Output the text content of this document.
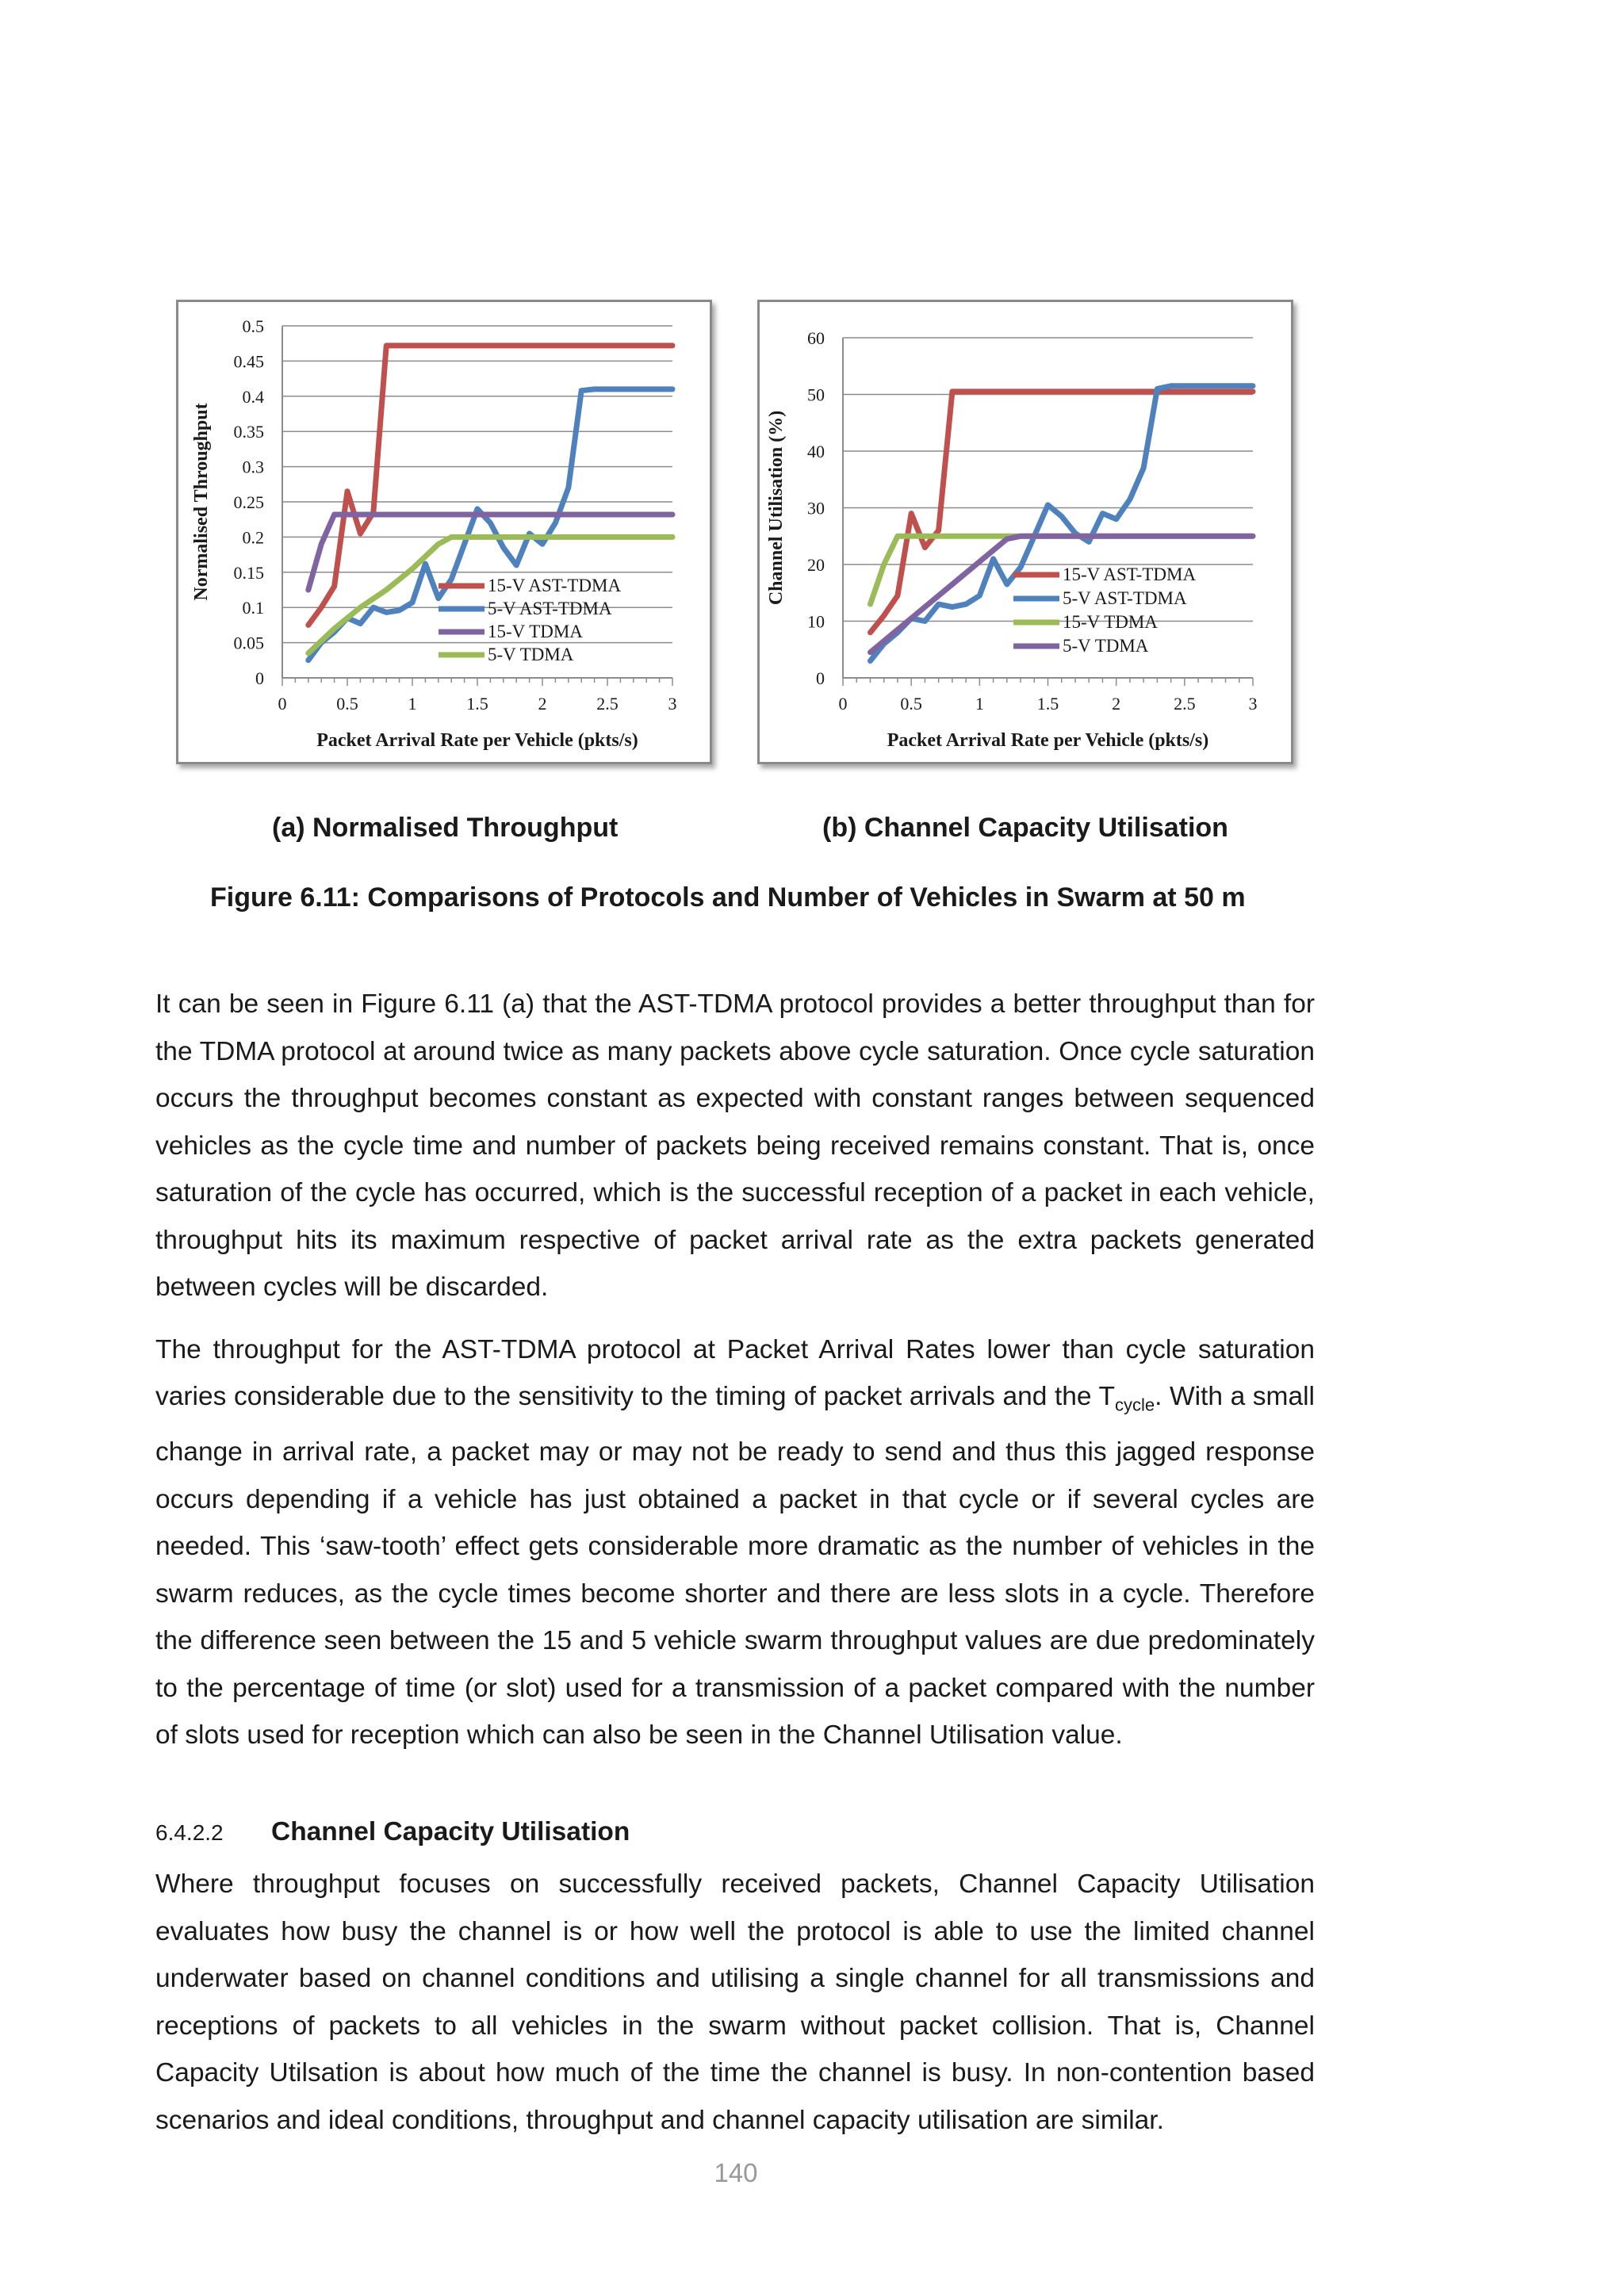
0
0.05
0.1
0.15
0.2
0.25
0.3
0.35
0.4
0.45
0.5
0	0.5	1	1.5	2	2.5	3
Packet Arrival Rate per Vehicle (pkts/s)
Normalised Throughput	15-V AST-TDMA
5-V AST-TDMA
15-V TDMA
5-V TDMA
0
10
20
30
40
50
60
0	0.5	1	1.5	2	2.5	3
Packet Arrival Rate per Vehicle (pkts/s)
Channel Utilisation (%)	15-V AST-TDMA
5-V AST-TDMA
15-V TDMA
5-V TDMA
(a) Normalised Throughput	(b) Channel Capacity Utilisation
Figure 6.11: Comparisons of Protocols and Number of Vehicles in Swarm at 50 m

It can be seen in Figure 6.11 (a) that the AST-TDMA protocol provides a better throughput than for the TDMA protocol at around twice as many packets above cycle saturation. Once cycle saturation occurs the throughput becomes constant as expected with constant ranges between sequenced vehicles as the cycle time and number of packets being received remains constant. That is, once saturation of the cycle has occurred, which is the successful reception of a packet in each vehicle, throughput hits its maximum respective of packet arrival rate as the extra packets generated between cycles will be discarded.

The throughput for the AST-TDMA protocol at Packet Arrival Rates lower than cycle saturation varies considerable due to the sensitivity to the timing of packet arrivals and the $T_{cycle}$. With a small change in arrival rate, a packet may or may not be ready to send and thus this jagged response occurs depending if a vehicle has just obtained a packet in that cycle or if several cycles are needed. This ‘saw-tooth’ effect gets considerable more dramatic as the number of vehicles in the swarm reduces, as the cycle times become shorter and there are less slots in a cycle. Therefore the difference seen between the 15 and 5 vehicle swarm throughput values are due predominately to the percentage of time (or slot) used for a transmission of a packet compared with the number of slots used for reception which can also be seen in the Channel Utilisation value.

6.4.2.2 Channel Capacity Utilisation

Where throughput focuses on successfully received packets, Channel Capacity Utilisation evaluates how busy the channel is or how well the protocol is able to use the limited channel underwater based on channel conditions and utilising a single channel for all transmissions and receptions of packets to all vehicles in the swarm without packet collision. That is, Channel Capacity Utilsation is about how much of the time the channel is busy. In non-contention based scenarios and ideal conditions, throughput and channel capacity utilisation are similar.

140
